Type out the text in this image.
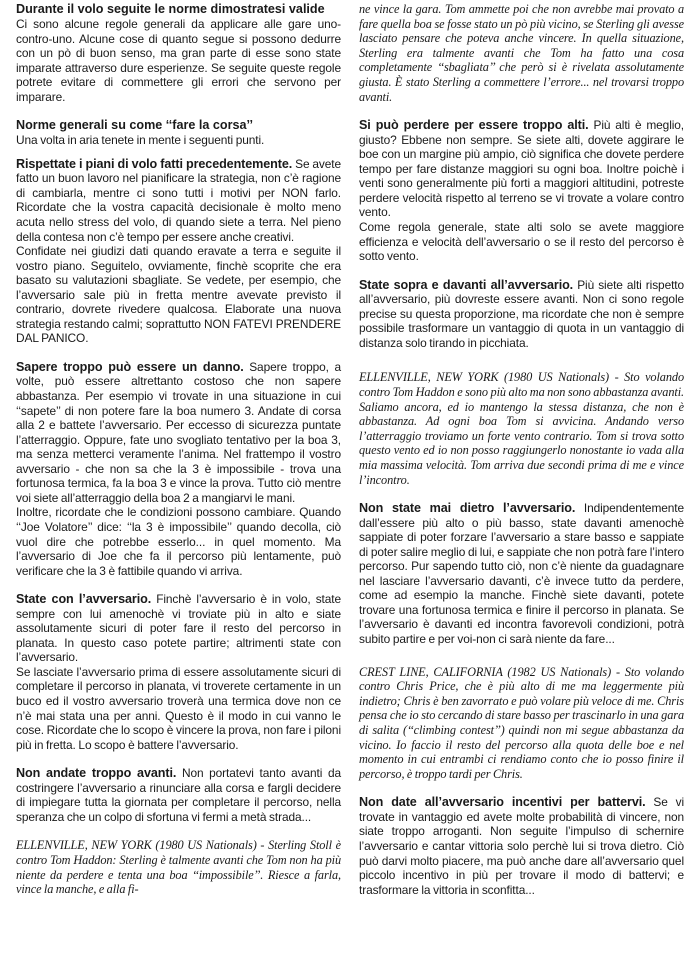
Durante il volo seguite le norme dimostratesi valide

Ci sono alcune regole generali da applicare alle gare uno-contro-uno. Alcune cose di quanto segue si possono dedurre con un pò di buon senso, ma gran parte di esse sono state imparate attraverso dure esperienze. Se seguite queste regole potrete evitare di commettere gli errori che servono per imparare.

Norme generali su come ‘‘fare la corsa’’

Una volta in aria tenete in mente i seguenti punti.

Rispettate i piani di volo fatti precedentemente. Se avete fatto un buon lavoro nel pianificare la strategia, non c’è ragione di cambiarla, mentre ci sono tutti i motivi per NON farlo. Ricordate che la vostra capacità decisionale è molto meno acuta nello stress del volo, di quando siete a terra. Nel pieno della contesa non c’è tempo per essere anche creativi.

Confidate nei giudizi dati quando eravate a terra e seguite il vostro piano. Seguitelo, ovviamente, finchè scoprite che era basato su valutazioni sbagliate. Se vedete, per esempio, che l’avversario sale più in fretta mentre avevate previsto il contrario, dovrete rivedere qualcosa. Elaborate una nuova strategia restando calmi; soprattutto NON FATEVI PRENDERE DAL PANICO.

Sapere troppo può essere un danno. Sapere troppo, a volte, può essere altrettanto costoso che non sapere abbastanza. Per esempio vi trovate in una situazione in cui ‘‘sapete’’ di non potere fare la boa numero 3. Andate di corsa alla 2 e battete l’avversario. Per eccesso di sicurezza puntate l’atterraggio. Oppure, fate uno svogliato tentativo per la boa 3, ma senza metterci veramente l’anima. Nel frattempo il vostro avversario - che non sa che la 3 è impossibile - trova una fortunosa termica, fa la boa 3 e vince la prova. Tutto ciò mentre voi siete all’atterraggio della boa 2 a mangiarvi le mani.

Inoltre, ricordate che le condizioni possono cambiare. Quando ‘‘Joe Volatore’’ dice: ‘‘la 3 è impossibile’’ quando decolla, ciò vuol dire che potrebbe esserlo... in quel momento. Ma l’avversario di Joe che fa il percorso più lentamente, può verificare che la 3 è fattibile quando vi arriva.

State con l’avversario. Finchè l’avversario è in volo, state sempre con lui amenochè vi troviate più in alto e siate assolutamente sicuri di poter fare il resto del percorso in planata. In questo caso potete partire; altrimenti state con l’avversario.

Se lasciate l’avversario prima di essere assolutamente sicuri di completare il percorso in planata, vi troverete certamente in un buco ed il vostro avversario troverà una termica dove non ce n’è mai stata una per anni. Questo è il modo in cui vanno le cose. Ricordate che lo scopo è vincere la prova, non fare i piloni più in fretta. Lo scopo è battere l’avversario.

Non andate troppo avanti. Non portatevi tanto avanti da costringere l’avversario a rinunciare alla corsa e fargli decidere di impiegare tutta la giornata per completare il percorso, nella speranza che un colpo di sfortuna vi fermi a metà strada...

ELLENVILLE, NEW YORK (1980 US Nationals) - Sterling Stoll è contro Tom Haddon: Sterling è talmente avanti che Tom non ha più niente da perdere e tenta una boa ‘‘impossibile’’. Riesce a farla, vince la manche, e alla fi-

ne vince la gara. Tom ammette poi che non avrebbe mai provato a fare quella boa se fosse stato un pò più vicino, se Sterling gli avesse lasciato pensare che poteva anche vincere. In quella situazione, Sterling era talmente avanti che Tom ha fatto una cosa completamente ‘‘sbagliata’’ che però si è rivelata assolutamente giusta. È stato Sterling a commettere l’errore... nel trovarsi troppo avanti.

Si può perdere per essere troppo alti. Più alti è meglio, giusto? Ebbene non sempre. Se siete alti, dovete aggirare le boe con un margine più ampio, ciò significa che dovete perdere tempo per fare distanze maggiori su ogni boa. Inoltre poichè i venti sono generalmente più forti a maggiori altitudini, potreste perdere velocità rispetto al terreno se vi trovate a volare contro vento.

Come regola generale, state alti solo se avete maggiore efficienza e velocità dell’avversario o se il resto del percorso è sotto vento.

State sopra e davanti all’avversario. Più siete alti rispetto all’avversario, più dovreste essere avanti. Non ci sono regole precise su questa proporzione, ma ricordate che non è sempre possibile trasformare un vantaggio di quota in un vantaggio di distanza solo tirando in picchiata.

ELLENVILLE, NEW YORK (1980 US Nationals) - Sto volando contro Tom Haddon e sono più alto ma non sono abbastanza avanti. Saliamo ancora, ed io mantengo la stessa distanza, che non è abbastanza. Ad ogni boa Tom si avvicina. Andando verso l’atterraggio troviamo un forte vento contrario. Tom si trova sotto questo vento ed io non posso raggiungerlo nonostante io vada alla mia massima velocità. Tom arriva due secondi prima di me e vince l’incontro.

Non state mai dietro l’avversario. Indipendentemente dall’essere più alto o più basso, state davanti amenochè sappiate di poter forzare l’avversario a stare basso e sappiate di poter salire meglio di lui, e sappiate che non potrà fare l’intero percorso. Pur sapendo tutto ciò, non c’è niente da guadagnare nel lasciare l’avversario davanti, c’è invece tutto da perdere, come ad esempio la manche. Finchè siete davanti, potete trovare una fortunosa termica e finire il percorso in planata. Se l’avversario è davanti ed incontra favorevoli condizioni, potrà subito partire e per voi-non ci sarà niente da fare...

CREST LINE, CALIFORNIA (1982 US Nationals) - Sto volando contro Chris Price, che è più alto di me ma leggermente più indietro; Chris è ben zavorrato e può volare più veloce di me. Chris pensa che io sto cercando di stare basso per trascinarlo in una gara di salita (‘‘climbing contest’’) quindi non mi segue abbastanza da vicino. Io faccio il resto del percorso alla quota delle boe e nel momento in cui entrambi ci rendiamo conto che io posso finire il percorso, è troppo tardi per Chris.

Non date all’avversario incentivi per battervi. Se vi trovate in vantaggio ed avete molte probabilità di vincere, non siate troppo arroganti. Non seguite l’impulso di schernire l’avversario e cantar vittoria solo perchè lui si trova dietro. Ciò può darvi molto piacere, ma può anche dare all’avversario quel piccolo incentivo in più per trovare il modo di battervi; e trasformare la vittoria in sconfitta...
